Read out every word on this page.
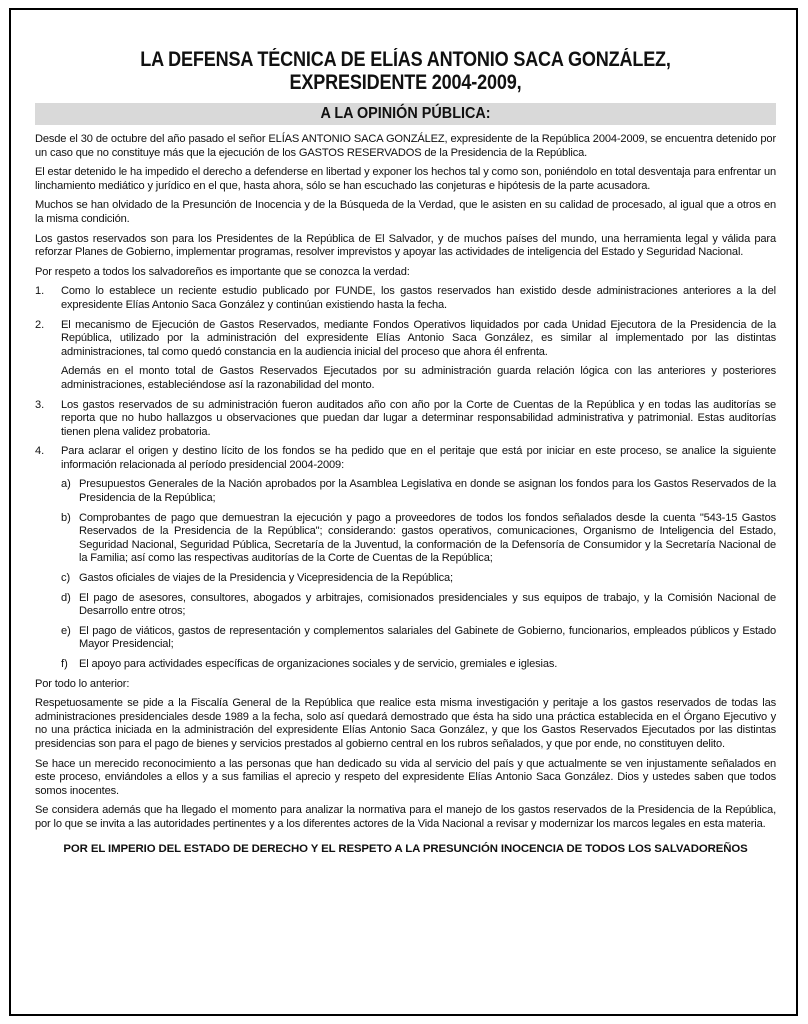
LA DEFENSA TÉCNICA DE ELÍAS ANTONIO SACA GONZÁLEZ,
EXPRESIDENTE 2004-2009,
A LA OPINIÓN PÚBLICA:

Desde el 30 de octubre del año pasado el señor ELÍAS ANTONIO SACA GONZÁLEZ, expresidente de la República 2004-2009, se encuentra detenido por un caso que no constituye más que la ejecución de los GASTOS RESERVADOS de la Presidencia de la República.

El estar detenido le ha impedido el derecho a defenderse en libertad y exponer los hechos tal y como son, poniéndolo en total desventaja para enfrentar un linchamiento mediático y jurídico en el que, hasta ahora, sólo se han escuchado las conjeturas e hipótesis de la parte acusadora.

Muchos se han olvidado de la Presunción de Inocencia y de la Búsqueda de la Verdad, que le asisten en su calidad de procesado, al igual que a otros en la misma condición.

Los gastos reservados son para los Presidentes de la República de El Salvador, y de muchos países del mundo, una herramienta legal y válida para reforzar Planes de Gobierno, implementar programas, resolver imprevistos y apoyar las actividades de inteligencia del Estado y Seguridad Nacional.

Por respeto a todos los salvadoreños es importante que se conozca la verdad:

1. Como lo establece un reciente estudio publicado por FUNDE, los gastos reservados han existido desde administraciones anteriores a la del expresidente Elías Antonio Saca González y continúan existiendo hasta la fecha.

2. El mecanismo de Ejecución de Gastos Reservados, mediante Fondos Operativos liquidados por cada Unidad Ejecutora de la Presidencia de la República, utilizado por la administración del expresidente Elías Antonio Saca González, es similar al implementado por las distintas administraciones, tal como quedó constancia en la audiencia inicial del proceso que ahora él enfrenta.

Además en el monto total de Gastos Reservados Ejecutados por su administración guarda relación lógica con las anteriores y posteriores administraciones, estableciéndose así la razonabilidad del monto.

3. Los gastos reservados de su administración fueron auditados año con año por la Corte de Cuentas de la República y en todas las auditorías se reporta que no hubo hallazgos u observaciones que puedan dar lugar a determinar responsabilidad administrativa y patrimonial. Estas auditorías tienen plena validez probatoria.

4. Para aclarar el origen y destino lícito de los fondos se ha pedido que en el peritaje que está por iniciar en este proceso, se analice la siguiente información relacionada al período presidencial 2004-2009:

a) Presupuestos Generales de la Nación aprobados por la Asamblea Legislativa en donde se asignan los fondos para los Gastos Reservados de la Presidencia de la República;

b) Comprobantes de pago que demuestran la ejecución y pago a proveedores de todos los fondos señalados desde la cuenta "543-15 Gastos Reservados de la Presidencia de la República"; considerando: gastos operativos, comunicaciones, Organismo de Inteligencia del Estado, Seguridad Nacional, Seguridad Pública, Secretaría de la Juventud, la conformación de la Defensoría de Consumidor y la Secretaría Nacional de la Familia; así como las respectivas auditorías de la Corte de Cuentas de la República;

c) Gastos oficiales de viajes de la Presidencia y Vicepresidencia de la República;

d) El pago de asesores, consultores, abogados y arbitrajes, comisionados presidenciales y sus equipos de trabajo, y la Comisión Nacional de Desarrollo entre otros;

e) El pago de viáticos, gastos de representación y complementos salariales del Gabinete de Gobierno, funcionarios, empleados públicos y Estado Mayor Presidencial;

f) El apoyo para actividades específicas de organizaciones sociales y de servicio, gremiales e iglesias.

Por todo lo anterior:

Respetuosamente se pide a la Fiscalía General de la República que realice esta misma investigación y peritaje a los gastos reservados de todas las administraciones presidenciales desde 1989 a la fecha, solo así quedará demostrado que ésta ha sido una práctica establecida en el Órgano Ejecutivo y no una práctica iniciada en la administración del expresidente Elías Antonio Saca González, y que los Gastos Reservados Ejecutados por las distintas presidencias son para el pago de bienes y servicios prestados al gobierno central en los rubros señalados, y que por ende, no constituyen delito.

Se hace un merecido reconocimiento a las personas que han dedicado su vida al servicio del país y que actualmente se ven injustamente señalados en este proceso, enviándoles a ellos y a sus familias el aprecio y respeto del expresidente Elías Antonio Saca González. Dios y ustedes saben que todos somos inocentes.

Se considera además que ha llegado el momento para analizar la normativa para el manejo de los gastos reservados de la Presidencia de la República, por lo que se invita a las autoridades pertinentes y a los diferentes actores de la Vida Nacional a revisar y modernizar los marcos legales en esta materia.

POR EL IMPERIO DEL ESTADO DE DERECHO Y EL RESPETO A LA PRESUNCIÓN INOCENCIA DE TODOS LOS SALVADOREÑOS
